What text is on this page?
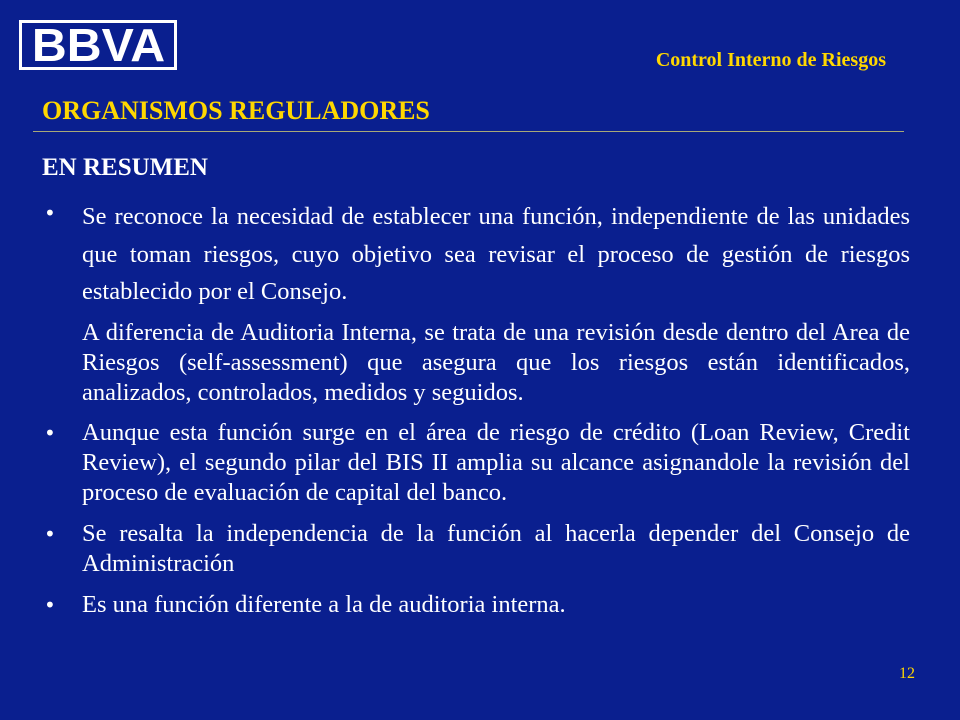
BBVA	Control Interno de Riesgos
ORGANISMOS REGULADORES
EN RESUMEN
•	Se reconoce la necesidad de establecer una función, independiente de las unidades que toman riesgos, cuyo objetivo sea revisar el proceso de gestión de riesgos establecido por el Consejo.
A diferencia de Auditoria Interna, se trata de una revisión desde dentro del Area de Riesgos (self-assessment) que asegura que los riesgos están identificados, analizados, controlados, medidos y seguidos.
•	Aunque esta función surge en el área de riesgo de crédito (Loan Review, Credit Review), el segundo pilar del BIS II amplia su alcance asignandole la revisión del proceso de evaluación de capital del banco.
•	Se resalta la independencia de la función al hacerla depender del Consejo de Administración
•	Es una función diferente a la de auditoria interna.
12
